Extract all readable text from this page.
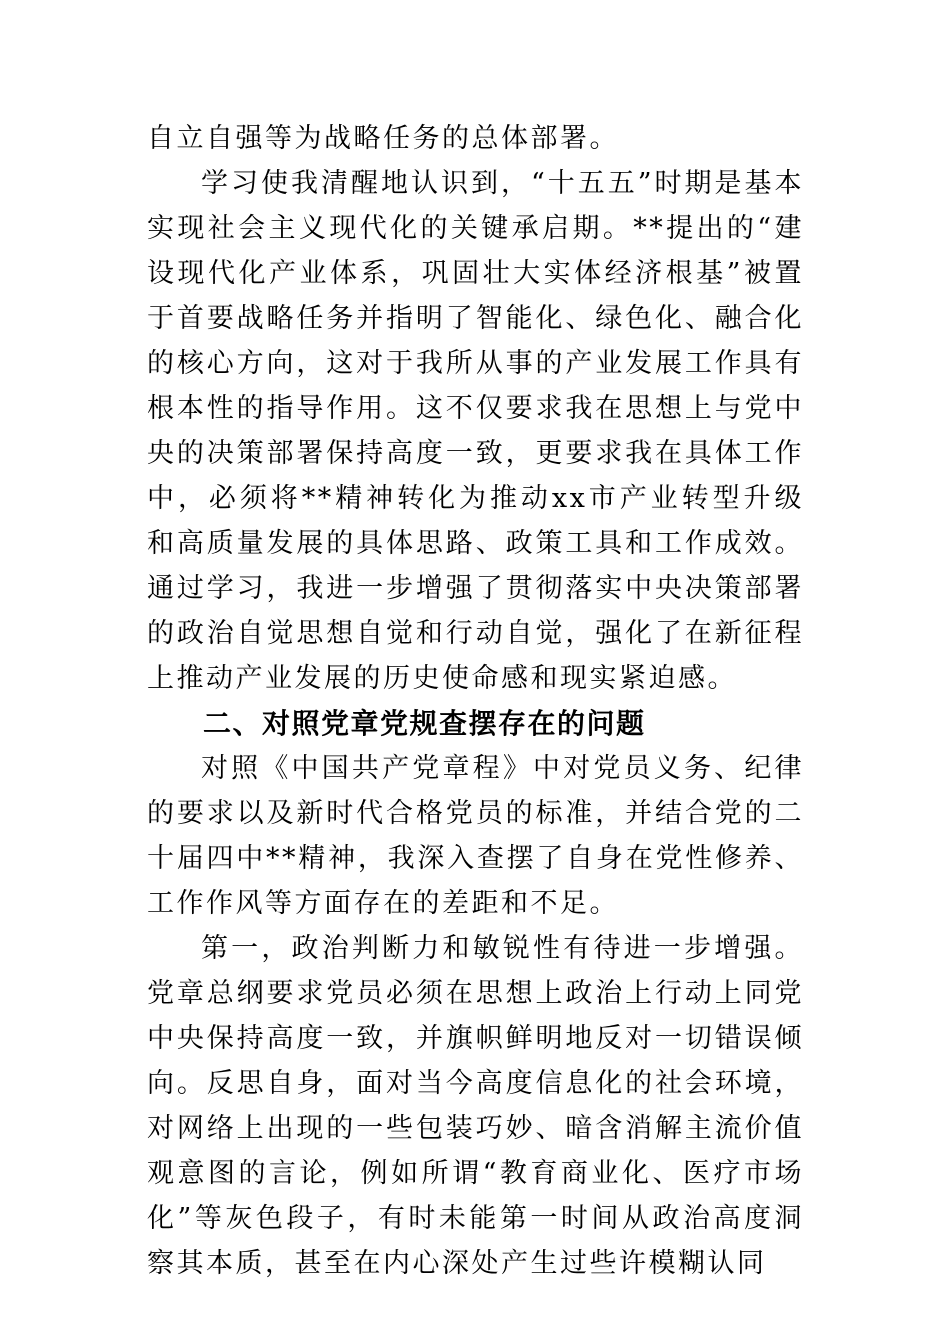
自立自强等为战略任务的总体部署。

学习使我清醒地认识到，“十五五”时期是基本实现社会主义现代化的关键承启期。**提出的“建设现代化产业体系，巩固壮大实体经济根基”被置于首要战略任务并指明了智能化、绿色化、融合化的核心方向，这对于我所从事的产业发展工作具有根本性的指导作用。这不仅要求我在思想上与党中央的决策部署保持高度一致，更要求我在具体工作中，必须将**精神转化为推动xx市产业转型升级和高质量发展的具体思路、政策工具和工作成效。通过学习，我进一步增强了贯彻落实中央决策部署的政治自觉思想自觉和行动自觉，强化了在新征程上推动产业发展的历史使命感和现实紧迫感。

二、对照党章党规查摆存在的问题

对照《中国共产党章程》中对党员义务、纪律的要求以及新时代合格党员的标准，并结合党的二十届四中**精神，我深入查摆了自身在党性修养、工作作风等方面存在的差距和不足。

第一，政治判断力和敏锐性有待进一步增强。党章总纲要求党员必须在思想上政治上行动上同党中央保持高度一致，并旗帜鲜明地反对一切错误倾向。反思自身，面对当今高度信息化的社会环境，对网络上出现的一些包装巧妙、暗含消解主流价值观意图的言论，例如所谓“教育商业化、医疗市场化”等灰色段子，有时未能第一时间从政治高度洞察其本质，甚至在内心深处产生过些许模糊认同
